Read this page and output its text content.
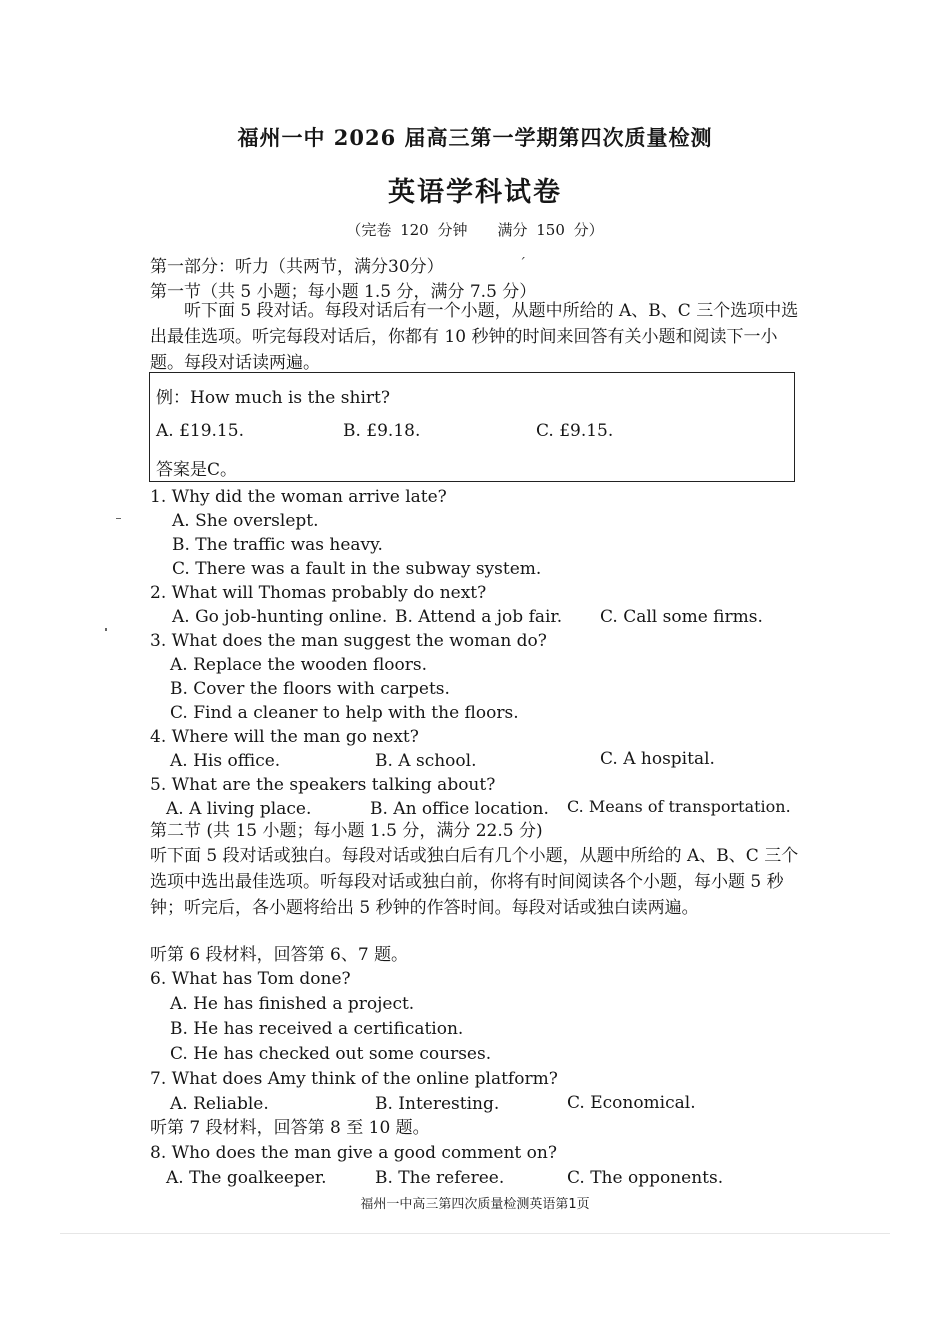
福州一中 2026 届高三第一学期第四次质量检测
英语学科试卷
（完卷 120 分钟　　满分 150 分）
第一部分：听力（共两节，满分30分）	ˊ
第一节（共 5 小题；每小题 1.5 分，满分 7.5 分）
听下面 5 段对话。每段对话后有一个小题，从题中所给的 A、B、C 三个选项中选出最佳选项。听完每段对话后，你都有 10 秒钟的时间来回答有关小题和阅读下一小题。每段对话读两遍。
例：How much is the shirt?
A. £19.15.	B. £9.18.	C. £9.15.
答案是C。
1. Why did the woman arrive late?
A. She overslept.
B. The traffic was heavy.
C. There was a fault in the subway system.
2. What will Thomas probably do next?
A. Go job-hunting online. B. Attend a job fair. C. Call some firms.
3. What does the man suggest the woman do?
A. Replace the wooden floors.
B. Cover the floors with carpets.
C. Find a cleaner to help with the floors.
4. Where will the man go next?
A. His office.	B. A school.	C. A hospital.
5. What are the speakers talking about?
A. A living place.	B. An office location. C. Means of transportation.
第二节 (共 15 小题；每小题 1.5 分，满分 22.5 分)
听下面 5 段对话或独白。每段对话或独白后有几个小题，从题中所给的 A、B、C 三个选项中选出最佳选项。听每段对话或独白前，你将有时间阅读各个小题，每小题 5 秒钟；听完后，各小题将给出 5 秒钟的作答时间。每段对话或独白读两遍。
听第 6 段材料，回答第 6、7 题。
6. What has Tom done?
A. He has finished a project.
B. He has received a certification.
C. He has checked out some courses.
7. What does Amy think of the online platform?
A. Reliable.	B. Interesting.	C. Economical.
听第 7 段材料，回答第 8 至 10 题。
8. Who does the man give a good comment on?
A. The goalkeeper.	B. The referee.	C. The opponents.
福州一中高三第四次质量检测英语第1页
